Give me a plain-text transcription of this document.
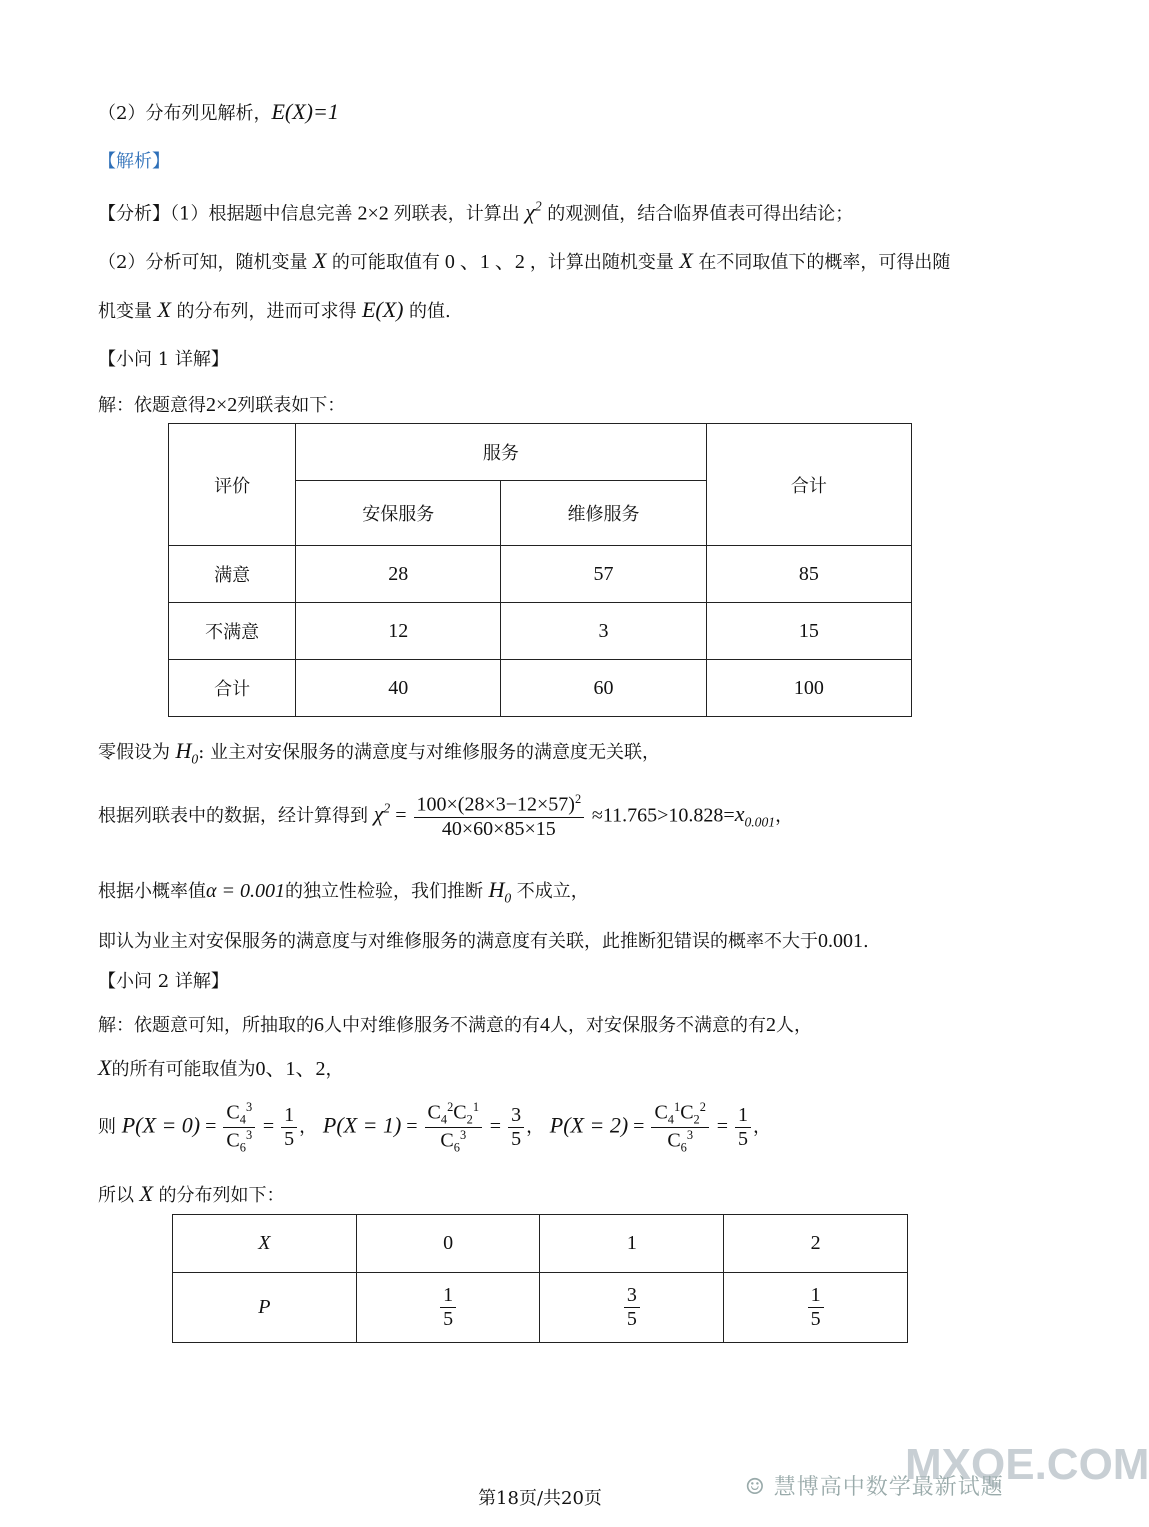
（2）分布列见解析，E(X)=1
【解析】
【分析】（1）根据题中信息完善 2×2 列联表，计算出 $\chi^2$ 的观测值，结合临界值表可得出结论；
（2）分析可知，随机变量 X 的可能取值有 0 、1 、2 ，计算出随机变量 X 在不同取值下的概率，可得出随
机变量 X 的分布列，进而可求得 E(X) 的值.
【小问 1 详解】
解：依题意得2×2列联表如下：
评价	服务		合计
	安保服务	维修服务	
满意	28	57	85
不满意	12	3	15
合计	40	60	100
零假设为 $H_0$: 业主对安保服务的满意度与对维修服务的满意度无关联，
根据列联表中的数据，经计算得到 $\chi^2 = \frac{100\times(28\times 3-12\times 57)^2}{40\times 60\times 85\times 15} \approx 11.765>10.828=x_{0.001}$，
根据小概率值α = 0.001的独立性检验，我们推断 $H_0$ 不成立，
即认为业主对安保服务的满意度与对维修服务的满意度有关联，此推断犯错误的概率不大于0.001.
【小问 2 详解】
解：依题意可知，所抽取的6人中对维修服务不满意的有4人，对安保服务不满意的有2人，
X的所有可能取值为0、1、2，
则 $P(X = 0) = \frac{C_4^3}{C_6^3} = \frac{1}{5}$ ， $P(X = 1) = \frac{C_4^2C_2^1}{C_6^3} = \frac{3}{5}$ ， $P(X = 2) = \frac{C_4^1C_2^2}{C_6^3} = \frac{1}{5}$ ，
所以 X 的分布列如下：
X	0	1	2
P	$\frac{1}{5}$	$\frac{3}{5}$	$\frac{1}{5}$
MXQE.COM
☺ 慧博高中数学最新试题
第18页/共20页
